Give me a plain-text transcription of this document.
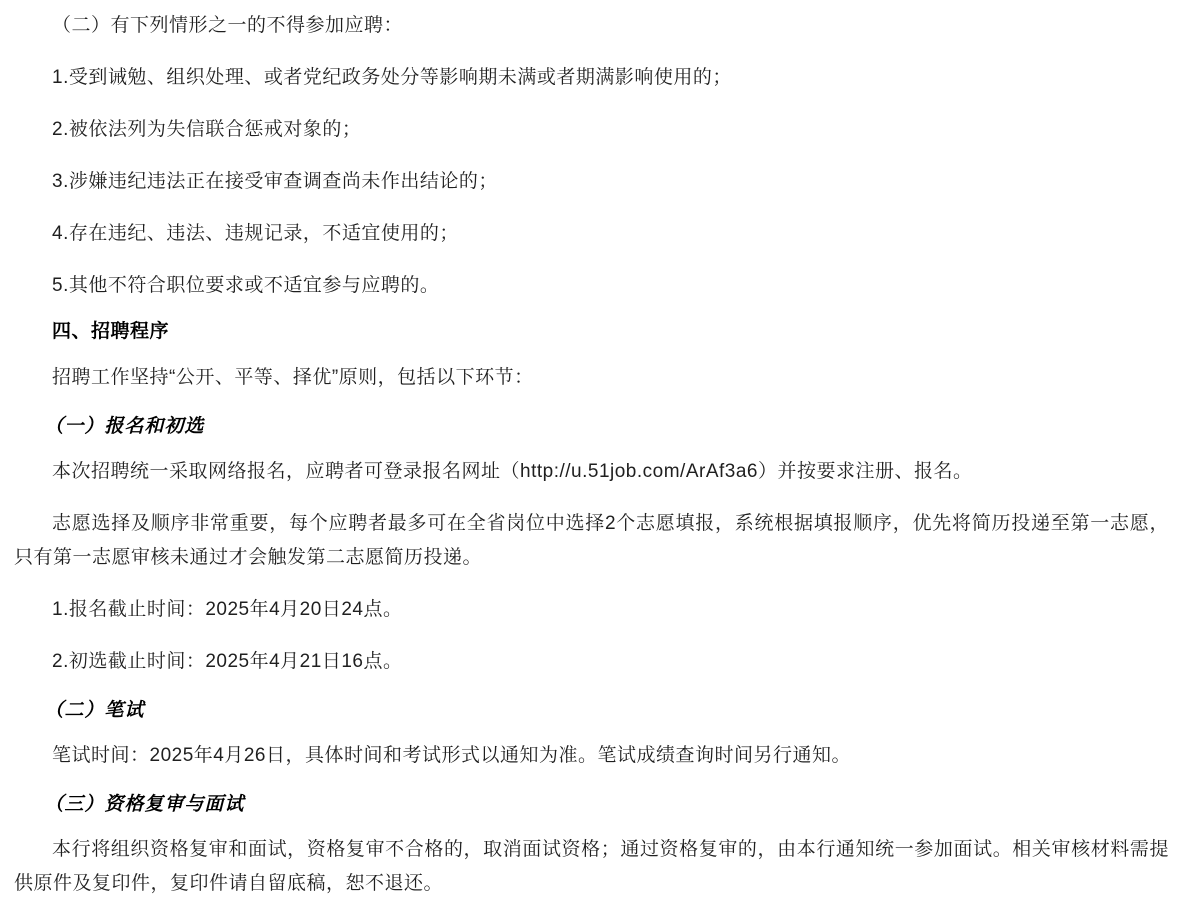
（二）有下列情形之一的不得参加应聘：

1.受到诫勉、组织处理、或者党纪政务处分等影响期未满或者期满影响使用的；

2.被依法列为失信联合惩戒对象的；

3.涉嫌违纪违法正在接受审查调查尚未作出结论的；

4.存在违纪、违法、违规记录，不适宜使用的；

5.其他不符合职位要求或不适宜参与应聘的。

四、招聘程序

招聘工作坚持“公开、平等、择优”原则，包括以下环节：

（一）报名和初选

本次招聘统一采取网络报名，应聘者可登录报名网址（http://u.51job.com/ArAf3a6）并按要求注册、报名。

志愿选择及顺序非常重要，每个应聘者最多可在全省岗位中选择2个志愿填报，系统根据填报顺序，优先将简历投递至第一志愿，只有第一志愿审核未通过才会触发第二志愿简历投递。

1.报名截止时间：2025年4月20日24点。

2.初选截止时间：2025年4月21日16点。

（二）笔试

笔试时间：2025年4月26日，具体时间和考试形式以通知为准。笔试成绩查询时间另行通知。

（三）资格复审与面试

本行将组织资格复审和面试，资格复审不合格的，取消面试资格；通过资格复审的，由本行通知统一参加面试。相关审核材料需提供原件及复印件，复印件请自留底稿，恕不退还。
